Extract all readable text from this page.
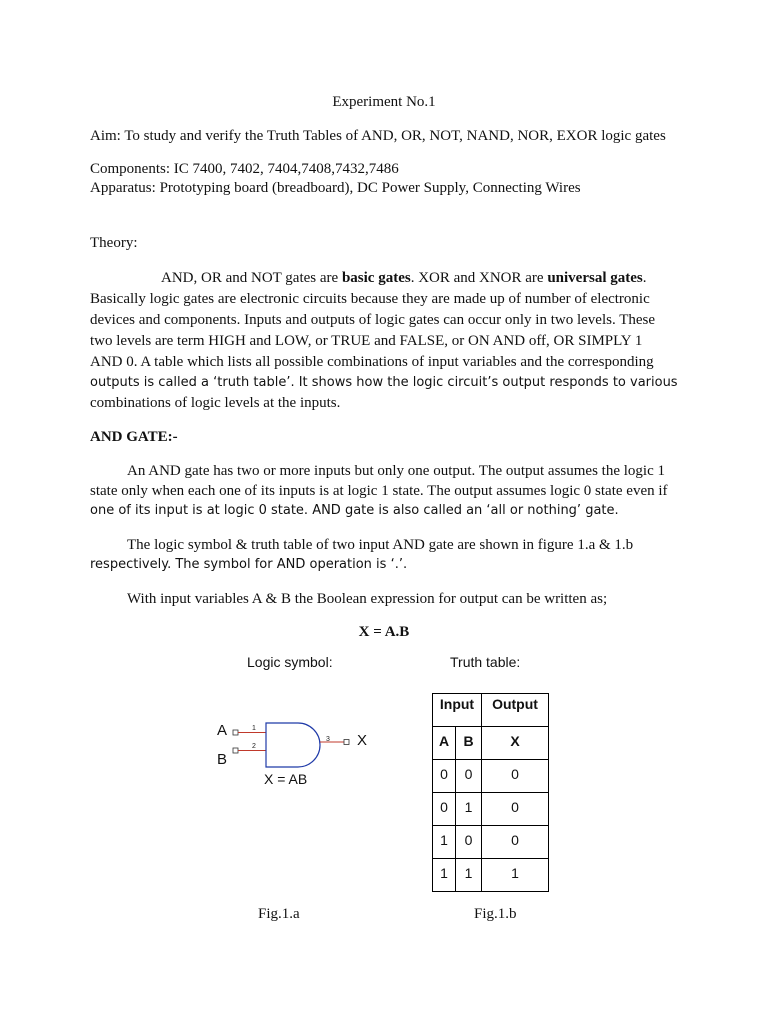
Experiment No.1
Aim: To study and verify the Truth Tables of AND, OR, NOT, NAND, NOR, EXOR logic gates
Components: IC 7400, 7402, 7404,7408,7432,7486
Apparatus: Prototyping board (breadboard), DC Power Supply, Connecting Wires
Theory:
AND, OR and NOT gates are basic gates. XOR and XNOR are universal gates.
Basically logic gates are electronic circuits because they are made up of number of electronic
devices and components. Inputs and outputs of logic gates can occur only in two levels. These
two levels are term HIGH and LOW, or TRUE and FALSE, or ON AND off, OR SIMPLY 1
AND 0. A table which lists all possible combinations of input variables and the corresponding
outputs is called a ‘truth table’. It shows how the logic circuit’s output responds to various
combinations of logic levels at the inputs.
AND GATE:-
An AND gate has two or more inputs but only one output. The output assumes the logic 1
state only when each one of its inputs is at logic 1 state. The output assumes logic 0 state even if
one of its input is at logic 0 state. AND gate is also called an ‘all or nothing’ gate.
The logic symbol & truth table of two input AND gate are shown in figure 1.a & 1.b
respectively. The symbol for AND operation is ‘.’.
With input variables A & B the Boolean expression for output can be written as;
X = A.B
Logic symbol:	Truth table:
1
2
3
A
B
X
X = AB
Input	Output

A B	X

0 0	0

0 1	0

1 0	0

1 1	1
Fig.1.a	Fig.1.b
